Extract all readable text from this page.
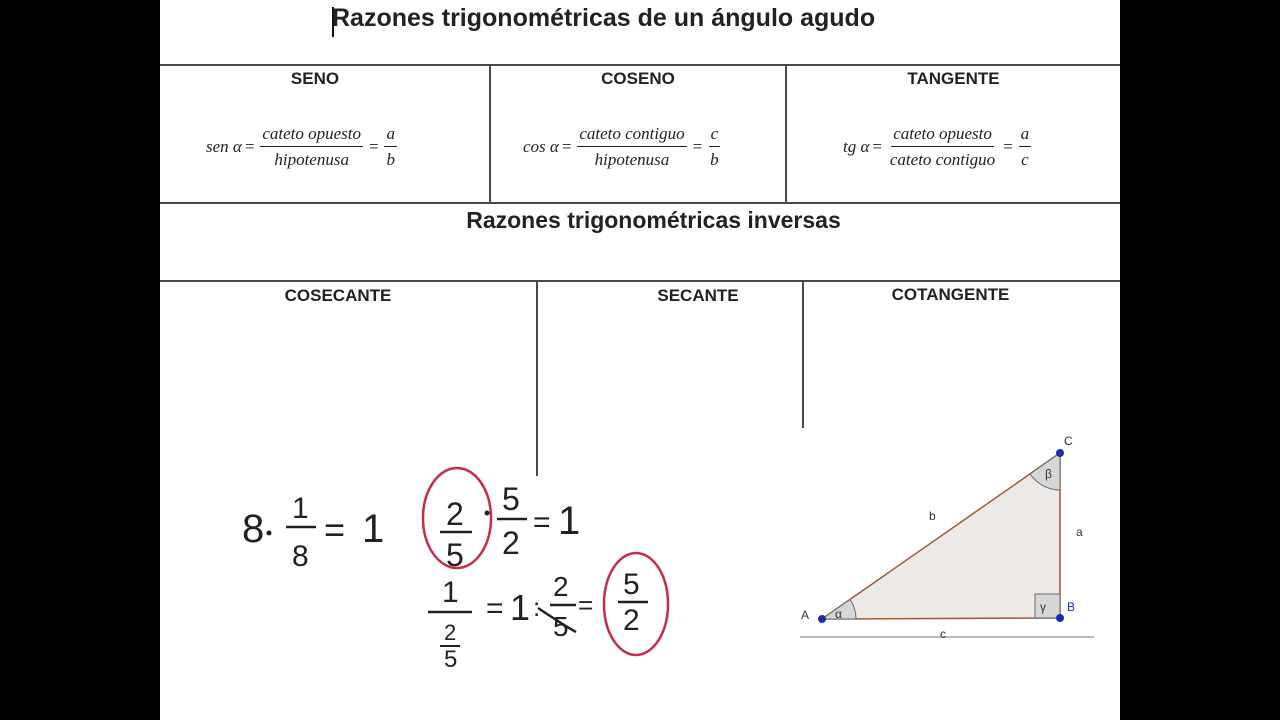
Razones trigonométricas de un ángulo agudo
SENO	COSENO	TANGENTE
sen $\alpha = \frac{\text{cateto opuesto}}{\text{hipotenusa}} = \frac{a}{b}$	$\cos \alpha = \frac{\text{cateto contiguo}}{\text{hipotenusa}} = \frac{c}{b}$	tg $\alpha = \frac{\text{cateto opuesto}}{\text{cateto contiguo}} = \frac{a}{c}$
Razones trigonométricas inversas
COSECANTE	SECANTE	COTANGENTE
8 1
8
= 1 2
5
5
2
= 1
1
2
5
= 1 :
2
5
=
5
2	A
B
C
b
a
c
α
β
γ
